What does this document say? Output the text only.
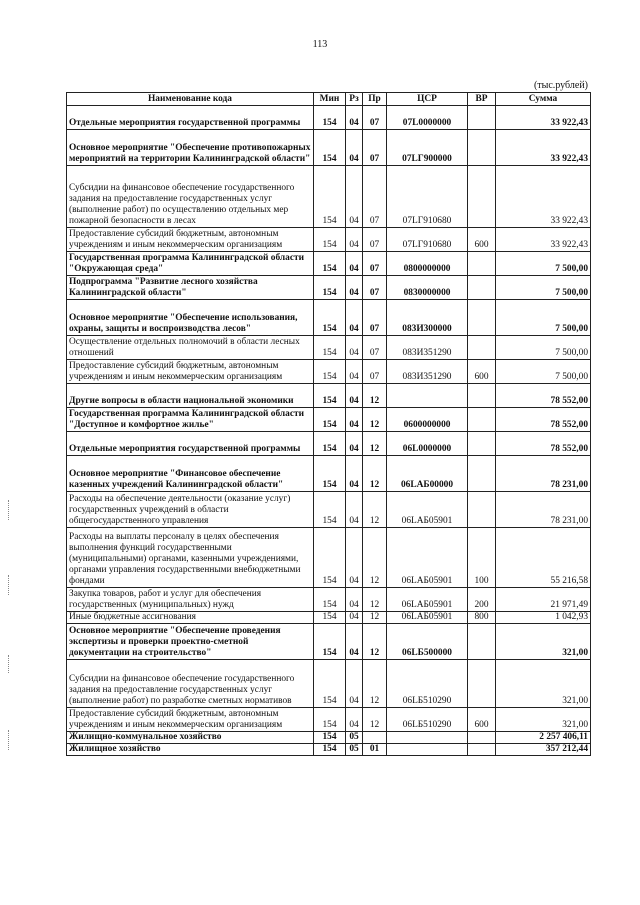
113
(тыс.рублей)
Наименование кода	Мин	Рз	Пр	ЦСР	ВР	Сумма
Отдельные мероприятия государственной программы	154	04	07	07L0000000		33 922,43
Основное мероприятие "Обеспечение противопожарных мероприятий на территории Калининградской области"	154	04	07	07LГ900000		33 922,43
Субсидии на финансовое обеспечение государственного задания на предоставление государственных услуг (выполнение работ) по осуществлению отдельных мер пожарной безопасности в лесах	154	04	07	07LГ910680		33 922,43
Предоставление субсидий бюджетным, автономным учреждениям и иным некоммерческим организациям	154	04	07	07LГ910680	600	33 922,43
Государственная программа Калининградской области "Окружающая среда"	154	04	07	0800000000		7 500,00
Подпрограмма "Развитие лесного хозяйства Калининградской области"	154	04	07	0830000000		7 500,00
Основное мероприятие "Обеспечение использования, охраны, защиты и воспроизводства лесов"	154	04	07	083И300000		7 500,00
Осуществление отдельных полномочий в области лесных отношений	154	04	07	083И351290		7 500,00
Предоставление субсидий бюджетным, автономным учреждениям и иным некоммерческим организациям	154	04	07	083И351290	600	7 500,00
Другие вопросы в области национальной экономики	154	04	12			78 552,00
Государственная программа Калининградской области "Доступное и комфортное жилье"	154	04	12	0600000000		78 552,00
Отдельные мероприятия государственной программы	154	04	12	06L0000000		78 552,00
Основное мероприятие "Финансовое обеспечение казенных учреждений Калининградской области"	154	04	12	06LAБ00000		78 231,00
Расходы на обеспечение деятельности (оказание услуг) государственных учреждений в области общегосударственного управления	154	04	12	06LAБ05901		78 231,00
Расходы на выплаты персоналу в целях обеспечения выполнения функций государственными (муниципальными) органами, казенными учреждениями, органами управления государственными внебюджетными фондами	154	04	12	06LAБ05901	100	55 216,58
Закупка товаров, работ и услуг для обеспечения государственных (муниципальных) нужд	154	04	12	06LAБ05901	200	21 971,49
Иные бюджетные ассигнования	154	04	12	06LAБ05901	800	1 042,93
Основное мероприятие "Обеспечение проведения экспертизы и проверки проектно-сметной документации на строительство"	154	04	12	06LБ500000		321,00
Субсидии на финансовое обеспечение государственного задания на предоставление государственных услуг (выполнение работ) по разработке сметных нормативов	154	04	12	06LБ510290		321,00
Предоставление субсидий бюджетным, автономным учреждениям и иным некоммерческим организациям	154	04	12	06LБ510290	600	321,00
Жилищно-коммунальное хозяйство	154	05				2 257 406,11
Жилищное хозяйство	154	05	01			357 212,44
